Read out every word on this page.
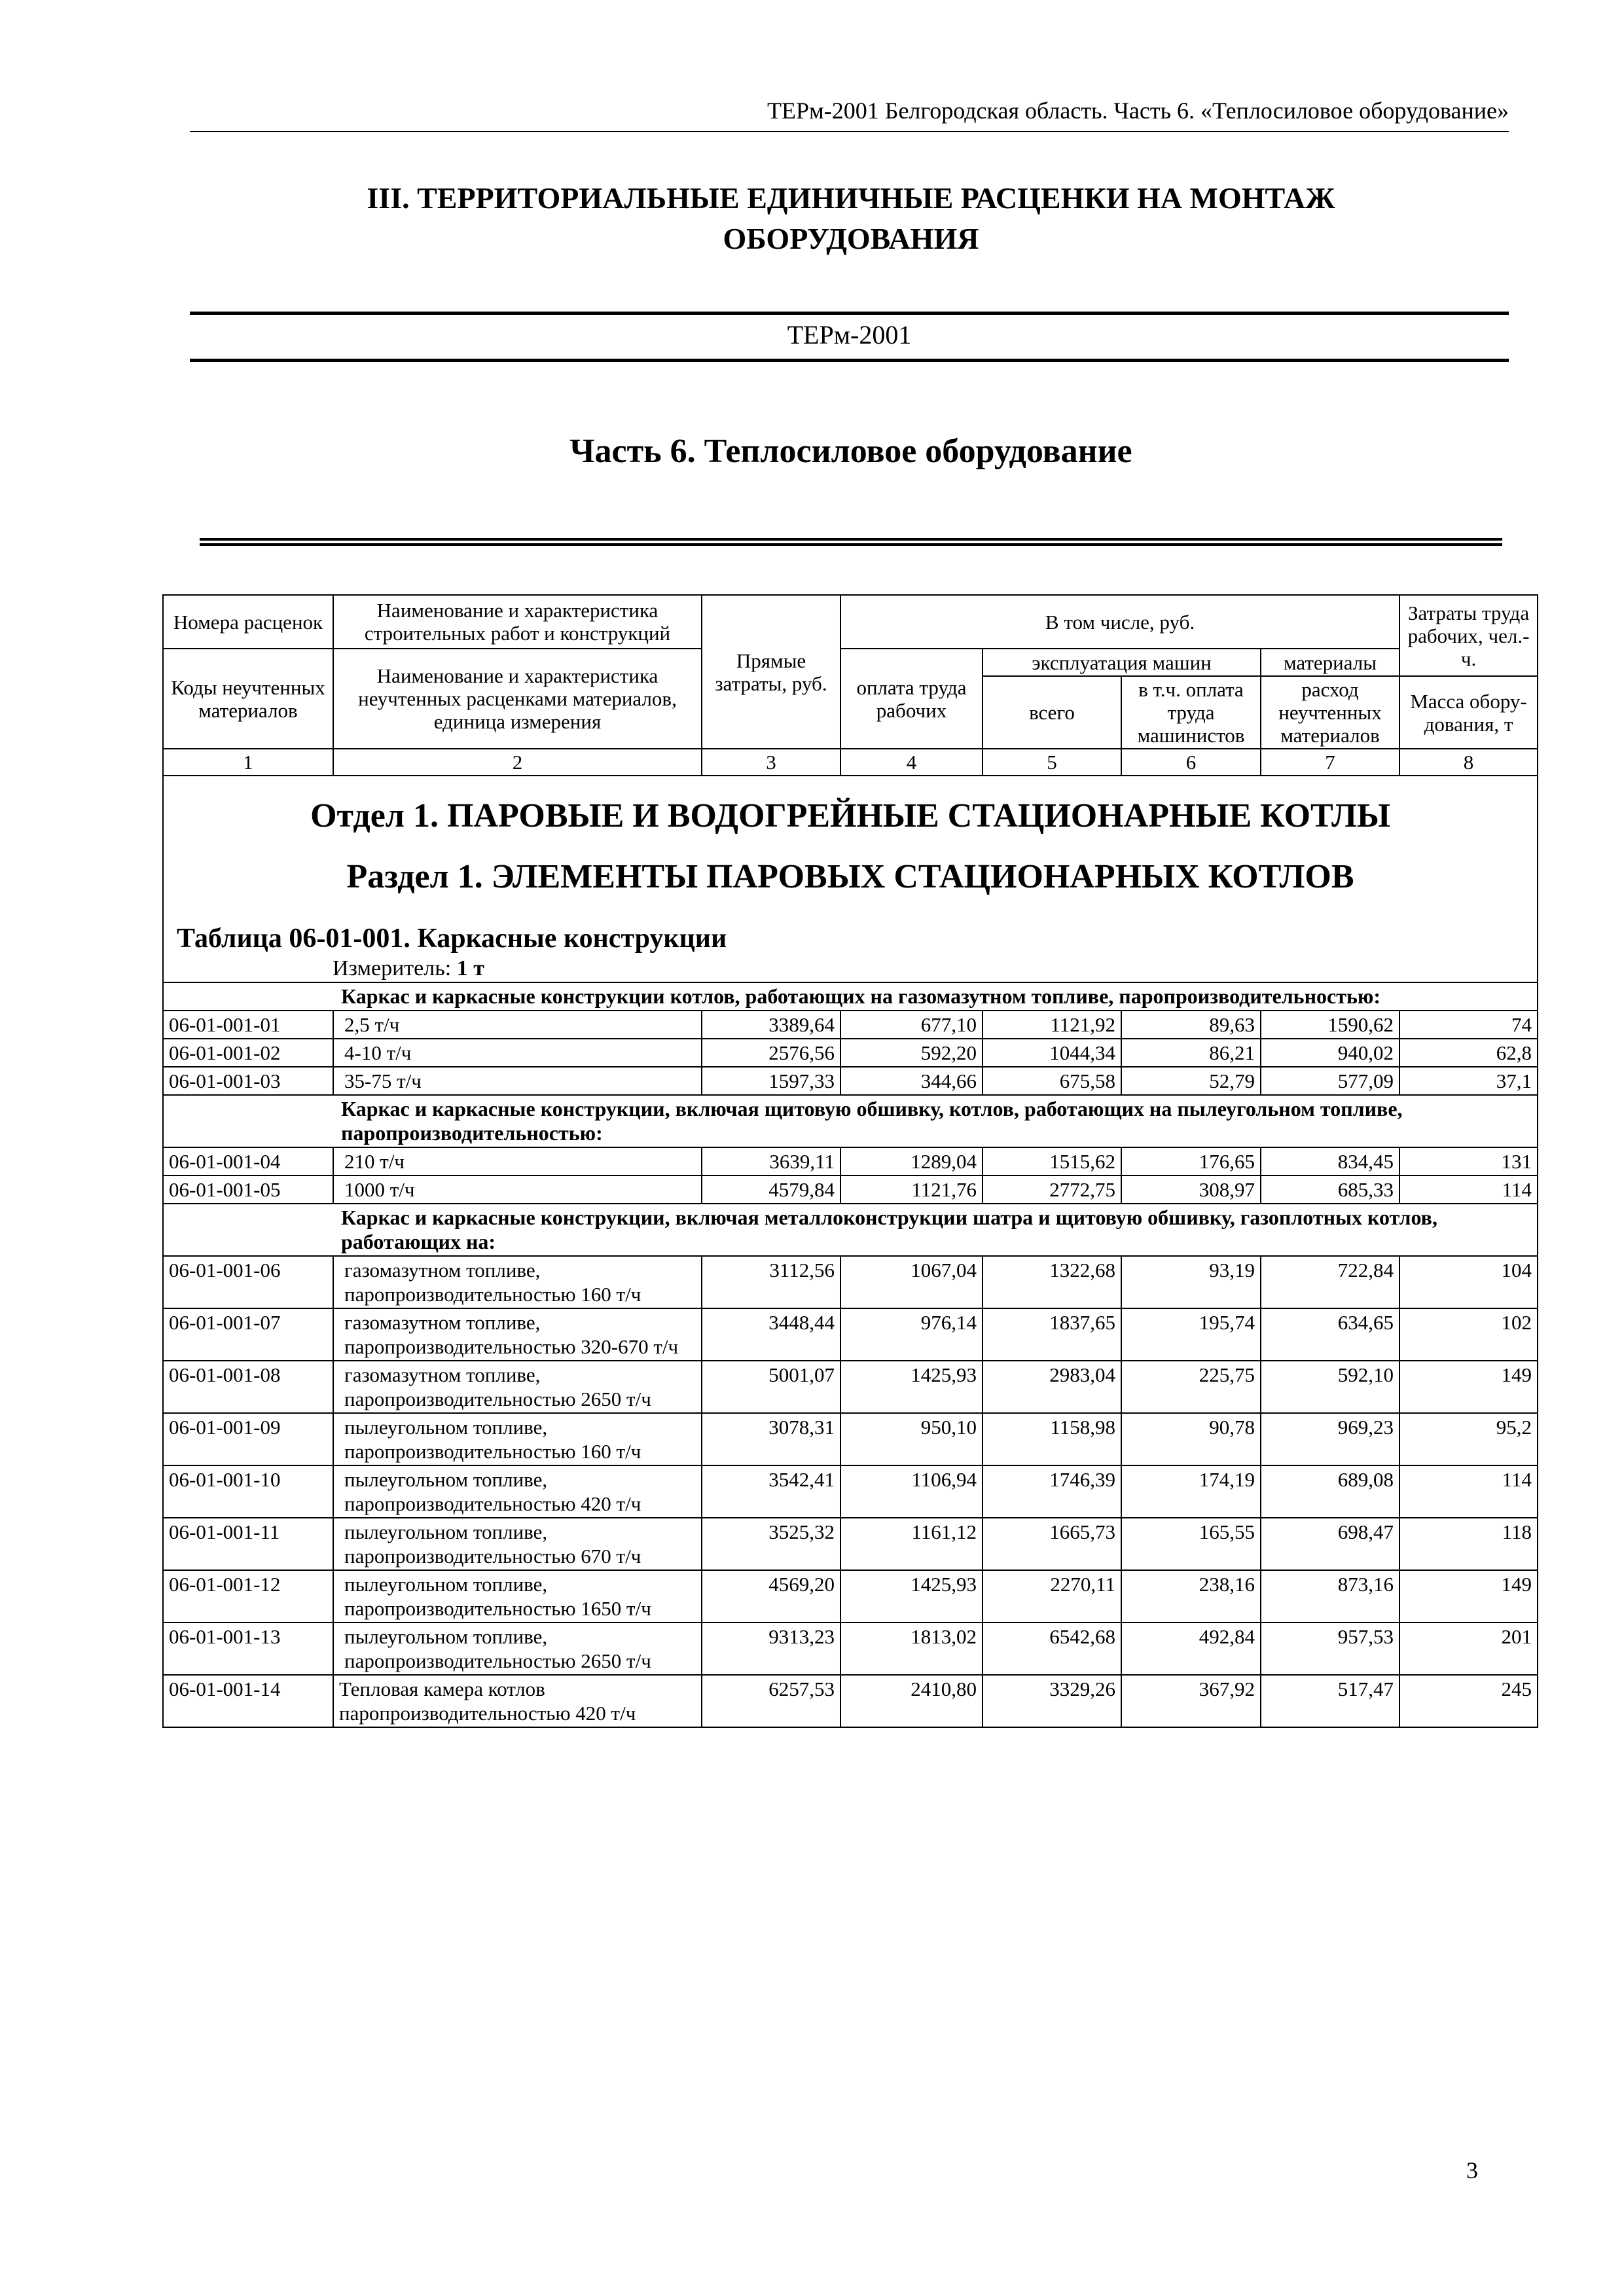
ТЕРм-2001 Белгородская область. Часть 6. «Теплосиловое оборудование»
III. ТЕРРИТОРИАЛЬНЫЕ ЕДИНИЧНЫЕ РАСЦЕНКИ НА МОНТАЖ
ОБОРУДОВАНИЯ
ТЕРм-2001
Часть 6. Теплосиловое оборудование
Номера расценок	Наименование и характеристика строительных работ и конструкций	Прямые затраты, руб.	В том числе, руб.				Затраты труда рабочих, чел.-ч.
Коды неучтенных материалов	Наименование и характеристика неучтенных расценками материалов, единица измерения		оплата труда рабочих	эксплуатация машин		материалы	
				всего	в т.ч. оплата труда машинистов	расход неучтенных материалов	Масса обору-дования, т
1	2	3	4	5	6	7	8

Отдел 1. ПАРОВЫЕ И ВОДОГРЕЙНЫЕ СТАЦИОНАРНЫЕ КОТЛЫ
Раздел 1. ЭЛЕМЕНТЫ ПАРОВЫХ СТАЦИОНАРНЫХ КОТЛОВ
Таблица 06-01-001. Каркасные конструкции
Измеритель: 1 т							

	Каркас и каркасные конструкции котлов, работающих на газомазутном топливе, паропроизводительностью:						
06-01-001-01	2,5 т/ч	3389,64	677,10	1121,92	89,63	1590,62	74
06-01-001-02	4-10 т/ч	2576,56	592,20	1044,34	86,21	940,02	62,8
06-01-001-03	35-75 т/ч	1597,33	344,66	675,58	52,79	577,09	37,1
	Каркас и каркасные конструкции, включая щитовую обшивку, котлов, работающих на пылеугольном топливе, паропроизводительностью:						
06-01-001-04	210 т/ч	3639,11	1289,04	1515,62	176,65	834,45	131
06-01-001-05	1000 т/ч	4579,84	1121,76	2772,75	308,97	685,33	114
	Каркас и каркасные конструкции, включая металлоконструкции шатра и щитовую обшивку, газоплотных котлов, работающих на:						
06-01-001-06	газомазутном топливе, паропроизводительностью 160 т/ч	3112,56	1067,04	1322,68	93,19	722,84	104
06-01-001-07	газомазутном топливе, паропроизводительностью 320-670 т/ч	3448,44	976,14	1837,65	195,74	634,65	102
06-01-001-08	газомазутном топливе, паропроизводительностью 2650 т/ч	5001,07	1425,93	2983,04	225,75	592,10	149
06-01-001-09	пылеугольном топливе, паропроизводительностью 160 т/ч	3078,31	950,10	1158,98	90,78	969,23	95,2
06-01-001-10	пылеугольном топливе, паропроизводительностью 420 т/ч	3542,41	1106,94	1746,39	174,19	689,08	114
06-01-001-11	пылеугольном топливе, паропроизводительностью 670 т/ч	3525,32	1161,12	1665,73	165,55	698,47	118
06-01-001-12	пылеугольном топливе, паропроизводительностью 1650 т/ч	4569,20	1425,93	2270,11	238,16	873,16	149
06-01-001-13	пылеугольном топливе, паропроизводительностью 2650 т/ч	9313,23	1813,02	6542,68	492,84	957,53	201
06-01-001-14	Тепловая камера котлов паропроизводительностью 420 т/ч	6257,53	2410,80	3329,26	367,92	517,47	245
3
